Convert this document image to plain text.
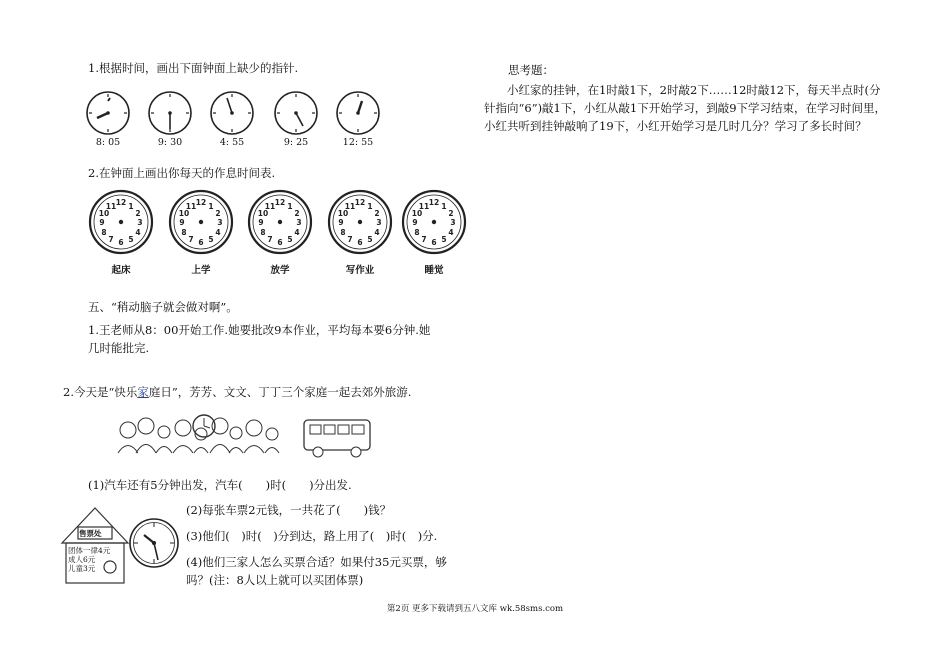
1.根据时间，画出下面钟面上缺少的指针.
8: 05	9: 30	4: 55	9: 25	12: 55
2.在钟面上画出你每天的作息时间表.
12
3
6
9
1
2
4
5
7
8
10
11	12
3
6
9
1
2
4
5
7
8
10
11	12
3
6
9
1
2
4
5
7
8
10
11	12
3
6
9
1
2
4
5
7
8
10
11	12
3
6
9
1
2
4
5
7
8
10
11
起床	上学	放学	写作业	睡觉
五、“稍动脑子就会做对啊”。
1.王老师从8：00开始工作.她要批改9本作业，平均每本要6分钟.她
几时能批完.
2.今天是“快乐家庭日”，芳芳、文文、丁丁三个家庭一起去郊外旅游.
(1)汽车还有5分钟出发，汽车(　　)时(　　)分出发.
售票处
团体一律4元
成人6元
儿童3元
(2)每张车票2元钱，一共花了(　　)钱？
(3)他们(　)时(　)分到达，路上用了(　)时(　)分.
(4)他们三家人怎么买票合适？如果付35元买票，够
吗？(注：8人以上就可以买团体票)
思考题：
小红家的挂钟，在1时敲1下，2时敲2下……12时敲12下，每天半点时(分针指向“6”)敲1下，小红从敲1下开始学习，到敲9下学习结束，在学习时间里，小红共听到挂钟敲响了19下，小红开始学习是几时几分？学习了多长时间？
第2页 更多下载请到五八文库 wk.58sms.com
